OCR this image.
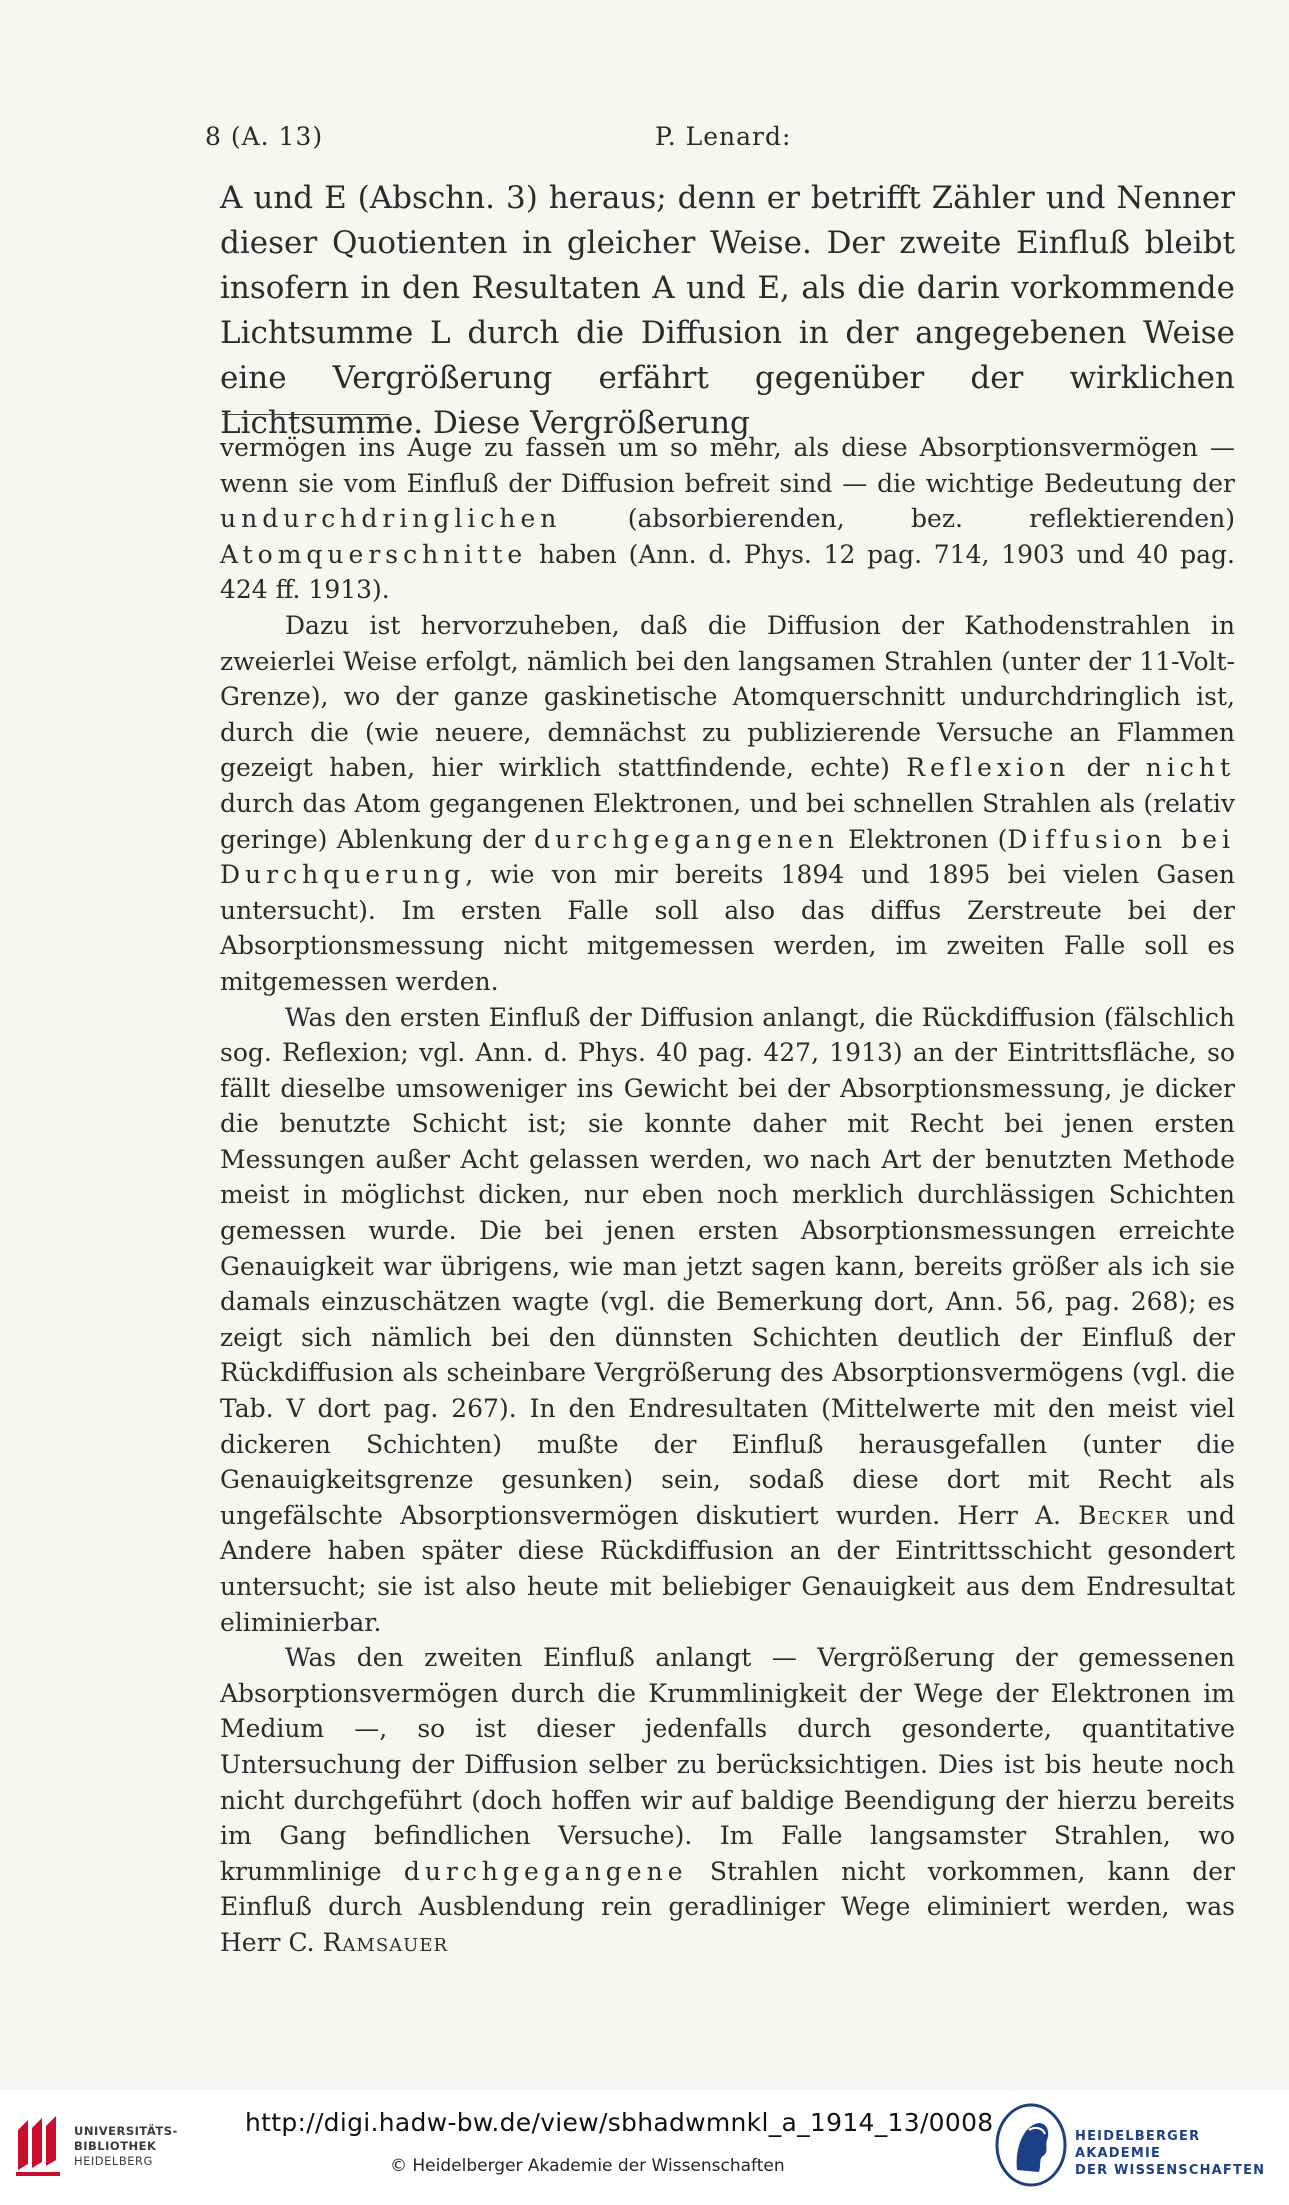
8 (A. 13)	P. Lenard:

A und E (Abschn. 3) heraus; denn er betrifft Zähler und Nenner dieser Quotienten in gleicher Weise. Der zweite Einfluß bleibt insofern in den Resultaten A und E, als die darin vorkommende Lichtsumme L durch die Diffusion in der angegebenen Weise eine Vergrößerung erfährt gegenüber der wirklichen Lichtsumme. Diese Vergrößerung

vermögen ins Auge zu fassen um so mehr, als diese Absorptionsvermögen — wenn sie vom Einfluß der Diffusion befreit sind — die wichtige Bedeutung der undurchdringlichen (absorbierenden, bez. reflektierenden) Atomquerschnitte haben (Ann. d. Phys. 12 pag. 714, 1903 und 40 pag. 424 ff. 1913).

Dazu ist hervorzuheben, daß die Diffusion der Kathodenstrahlen in zweierlei Weise erfolgt, nämlich bei den langsamen Strahlen (unter der 11-Volt-Grenze), wo der ganze gaskinetische Atomquerschnitt undurchdringlich ist, durch die (wie neuere, demnächst zu publizierende Versuche an Flammen gezeigt haben, hier wirklich stattfindende, echte) Reflexion der nicht durch das Atom gegangenen Elektronen, und bei schnellen Strahlen als (relativ geringe) Ablenkung der durchgegangenen Elektronen (Diffusion bei Durchquerung, wie von mir bereits 1894 und 1895 bei vielen Gasen untersucht). Im ersten Falle soll also das diffus Zerstreute bei der Absorptionsmessung nicht mitgemessen werden, im zweiten Falle soll es mitgemessen werden.

Was den ersten Einfluß der Diffusion anlangt, die Rückdiffusion (fälschlich sog. Reflexion; vgl. Ann. d. Phys. 40 pag. 427, 1913) an der Eintrittsfläche, so fällt dieselbe umsoweniger ins Gewicht bei der Absorptionsmessung, je dicker die benutzte Schicht ist; sie konnte daher mit Recht bei jenen ersten Messungen außer Acht gelassen werden, wo nach Art der benutzten Methode meist in möglichst dicken, nur eben noch merklich durchlässigen Schichten gemessen wurde. Die bei jenen ersten Absorptionsmessungen erreichte Genauigkeit war übrigens, wie man jetzt sagen kann, bereits größer als ich sie damals einzuschätzen wagte (vgl. die Bemerkung dort, Ann. 56, pag. 268); es zeigt sich nämlich bei den dünnsten Schichten deutlich der Einfluß der Rückdiffusion als scheinbare Vergrößerung des Absorptionsvermögens (vgl. die Tab. V dort pag. 267). In den Endresultaten (Mittelwerte mit den meist viel dickeren Schichten) mußte der Einfluß herausgefallen (unter die Genauigkeitsgrenze gesunken) sein, sodaß diese dort mit Recht als ungefälschte Absorptionsvermögen diskutiert wurden. Herr A. Becker und Andere haben später diese Rückdiffusion an der Eintrittsschicht gesondert untersucht; sie ist also heute mit beliebiger Genauigkeit aus dem Endresultat eliminierbar.

Was den zweiten Einfluß anlangt — Vergrößerung der gemessenen Absorptionsvermögen durch die Krummlinigkeit der Wege der Elektronen im Medium —, so ist dieser jedenfalls durch gesonderte, quantitative Untersuchung der Diffusion selber zu berücksichtigen. Dies ist bis heute noch nicht durchgeführt (doch hoffen wir auf baldige Beendigung der hierzu bereits im Gang befindlichen Versuche). Im Falle langsamster Strahlen, wo krummlinige durchgegangene Strahlen nicht vorkommen, kann der Einfluß durch Ausblendung rein geradliniger Wege eliminiert werden, was Herr C. Ramsauer

UNIVERSITÄTS-
BIBLIOTHEK
HEIDELBERG
http://digi.hadw-bw.de/view/sbhadwmnkl_a_1914_13/0008
© Heidelberger Akademie der Wissenschaften
HEIDELBERGER AKADEMIE
DER WISSENSCHAFTEN
